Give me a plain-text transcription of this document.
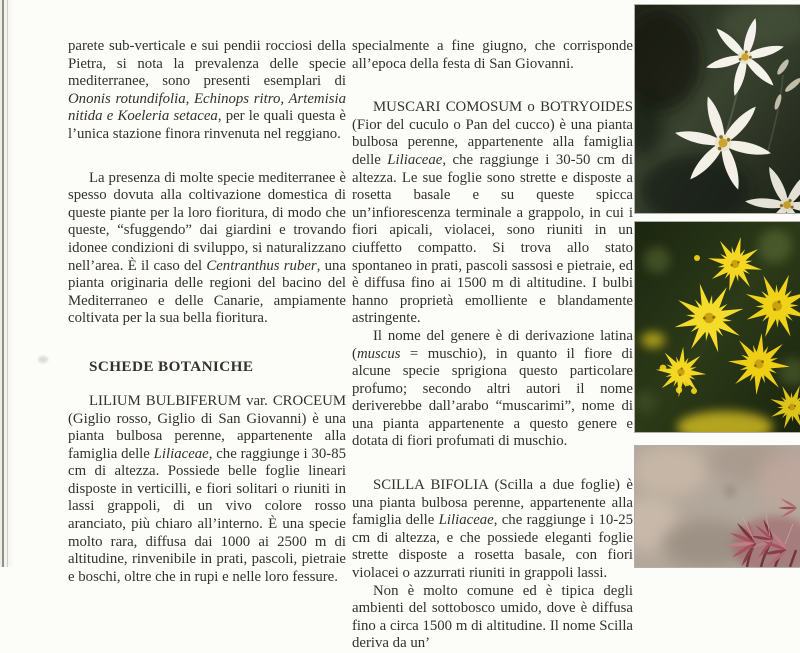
parete sub-verticale e sui pendii rocciosi della Pietra, si nota la prevalenza delle specie mediterranee, sono presenti esemplari di Ononis rotundifolia, Echinops ritro, Artemisia nitida e Koeleria setacea, per le quali questa è l’unica stazione finora rinvenuta nel reggiano.

La presenza di molte specie mediterranee è spesso dovuta alla coltivazione domestica di queste piante per la loro fioritura, di modo che queste, “sfuggendo” dai giardini e trovando idonee condizioni di sviluppo, si naturalizzano nell’area. È il caso del Centranthus ruber, una pianta originaria delle regioni del bacino del Mediterraneo e delle Canarie, ampiamente coltivata per la sua bella fioritura.

SCHEDE BOTANICHE

LILIUM BULBIFERUM var. CROCEUM (Giglio rosso, Giglio di San Giovanni) è una pianta bulbosa perenne, appartenente alla famiglia delle Liliaceae, che raggiunge i 30-85 cm di altezza. Possiede belle foglie lineari disposte in verticilli, e fiori solitari o riuniti in lassi grappoli, di un vivo colore rosso aranciato, più chiaro all’interno. È una specie molto rara, diffusa dai 1000 ai 2500 m di altitudine, rinvenibile in prati, pascoli, pietraie e boschi, oltre che in rupi e nelle loro fessure.

specialmente a fine giugno, che corrisponde all’epoca della festa di San Giovanni.

MUSCARI COMOSUM o BOTRYOIDES (Fior del cuculo o Pan del cucco) è una pianta bulbosa perenne, appartenente alla famiglia delle Liliaceae, che raggiunge i 30-50 cm di altezza. Le sue foglie sono strette e disposte a rosetta basale e su queste spicca un’infiorescenza terminale a grappolo, in cui i fiori apicali, violacei, sono riuniti in un ciuffetto compatto. Si trova allo stato spontaneo in prati, pascoli sassosi e pietraie, ed è diffusa fino ai 1500 m di altitudine. I bulbi hanno proprietà emolliente e blandamente astringente.

Il nome del genere è di derivazione latina (muscus = muschio), in quanto il fiore di alcune specie sprigiona questo particolare profumo; secondo altri autori il nome deriverebbe dall’arabo “muscarimi”, nome di una pianta appartenente a questo genere e dotata di fiori profumati di muschio.

SCILLA BIFOLIA (Scilla a due foglie) è una pianta bulbosa perenne, appartenente alla famiglia delle Liliaceae, che raggiunge i 10-25 cm di altezza, e che possiede eleganti foglie strette disposte a rosetta basale, con fiori violacei o azzurrati riuniti in grappoli lassi.

Non è molto comune ed è tipica degli ambienti del sottobosco umido, dove è diffusa fino a circa 1500 m di altitudine. Il nome Scilla deriva da un’
